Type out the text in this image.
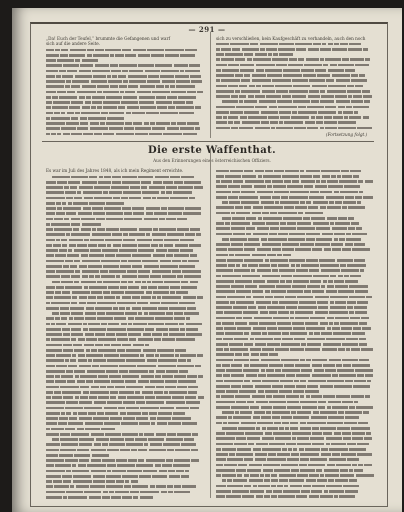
— 291 —
„Da! Euch der Teufel,“ brummte die Gefangenen und warf
sich auf die andere Seite.
sich zu verschließen, kein Kaufgeschäft zu verhandeln, auch den noch
(Fortsetzung folgt.)
Die erste Waffenthat.
Aus den Erinnerungen eines österreichischen Offiziers.
Es war im Juli des Jahres 1848, als ich mein Regiment erreichte.
